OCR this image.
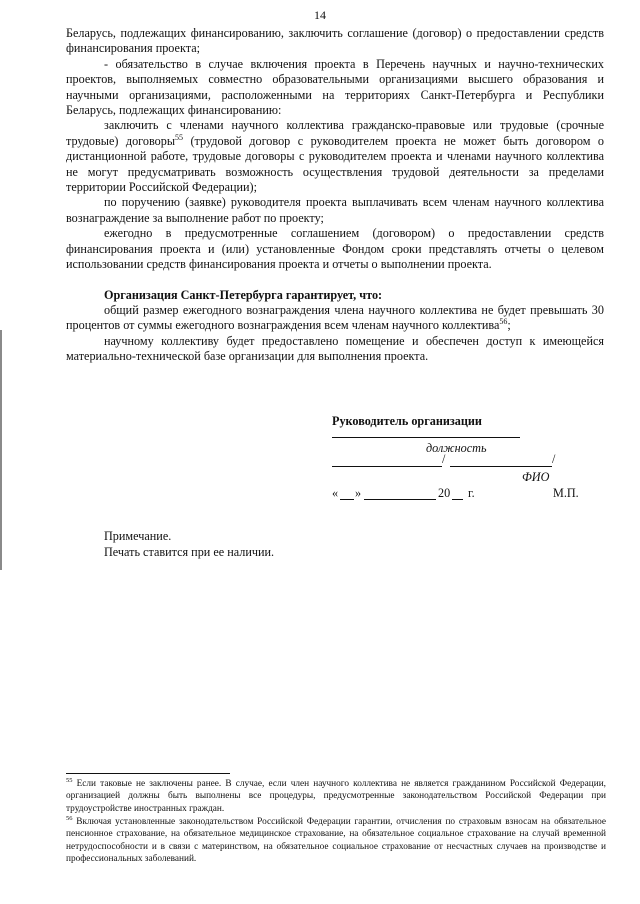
14

Беларусь, подлежащих финансированию, заключить соглашение (договор) о предоставлении средств финансирования проекта;

- обязательство в случае включения проекта в Перечень научных и научно-технических проектов, выполняемых совместно образовательными организациями высшего образования и научными организациями, расположенными на территориях Санкт-Петербурга и Республики Беларусь, подлежащих финансированию:

заключить с членами научного коллектива гражданско-правовые или трудовые (срочные трудовые) договоры$^{55}$ (трудовой договор с руководителем проекта не может быть договором о дистанционной работе, трудовые договоры с руководителем проекта и членами научного коллектива не могут предусматривать возможность осуществления трудовой деятельности за пределами территории Российской Федерации);

по поручению (заявке) руководителя проекта выплачивать всем членам научного коллектива вознаграждение за выполнение работ по проекту;

ежегодно в предусмотренные соглашением (договором) о предоставлении средств финансирования проекта и (или) установленные Фондом сроки представлять отчеты о целевом использовании средств финансирования проекта и отчеты о выполнении проекта.

Организация Санкт-Петербурга гарантирует, что:

общий размер ежегодного вознаграждения члена научного коллектива не будет превышать 30 процентов от суммы ежегодного вознаграждения всем членам научного коллектива$^{56}$;

научному коллективу будет предоставлено помещение и обеспечен доступ к имеющейся материально-технической базе организации для выполнения проекта.

Руководитель организации
должность
/	/
ФИО
« »	20 г.	М.П.
Примечание.
Печать ставится при ее наличии.
$^{55}$ Если таковые не заключены ранее. В случае, если член научного коллектива не является гражданином Российской Федерации, организацией должны быть выполнены все процедуры, предусмотренные законодательством Российской Федерации при трудоустройстве иностранных граждан.
$^{56}$ Включая установленные законодательством Российской Федерации гарантии, отчисления по страховым взносам на обязательное пенсионное страхование, на обязательное медицинское страхование, на обязательное социальное страхование на случай временной нетрудоспособности и в связи с материнством, на обязательное социальное страхование от несчастных случаев на производстве и профессиональных заболеваний.
